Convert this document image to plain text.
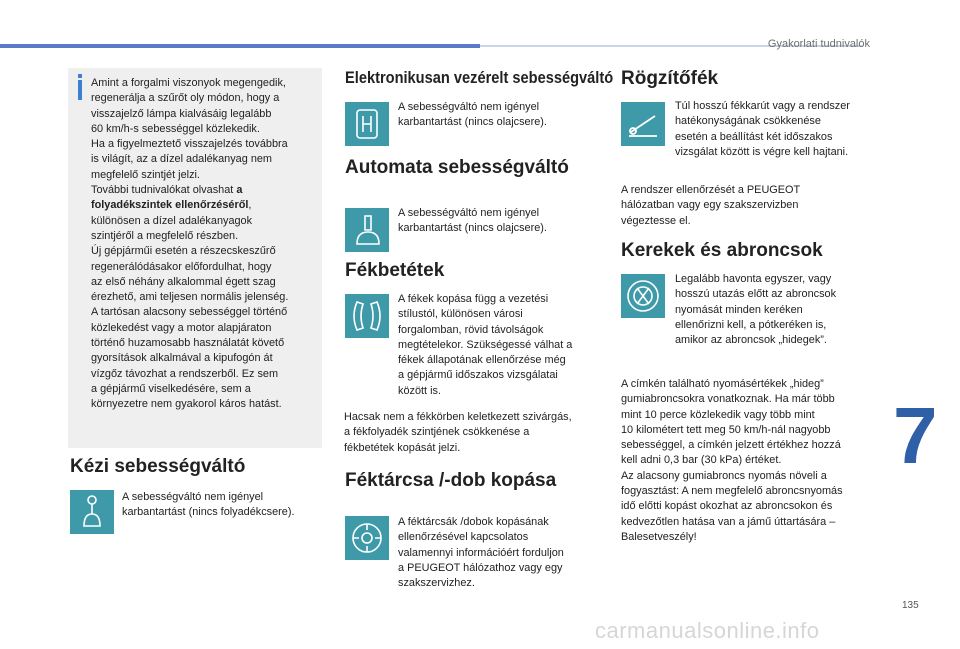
Gyakorlati tudnivalók
Amint a forgalmi viszonyok megengedik,
regenerálja a szűrőt oly módon, hogy a
visszajelző lámpa kialvásáig legalább
60 km/h-s sebességgel közlekedik.
Ha a figyelmeztető visszajelzés továbbra
is világít, az a dízel adalékanyag nem
megfelelő szintjét jelzi.
További tudnivalókat olvashat a
folyadékszintek ellenőrzéséről,
különösen a dízel adalékanyagok
szintjéről a megfelelő részben.
Új gépjárműi esetén a részecskeszűrő
regenerálódásakor előfordulhat, hogy
az első néhány alkalommal égett szag
érezhető, ami teljesen normális jelenség.
A tartósan alacsony sebességgel történő
közlekedést vagy a motor alapjáraton
történő huzamosabb használatát követő
gyorsítások alkalmával a kipufogón át
vízgőz távozhat a rendszerből. Ez sem
a gépjármű viselkedésére, sem a
környezetre nem gyakorol káros hatást.
Kézi sebességváltó
A sebességváltó nem igényel
karbantartást (nincs folyadékcsere).
Elektronikusan vezérelt sebességváltó
A sebességváltó nem igényel
karbantartást (nincs olajcsere).
Automata sebességváltó
A sebességváltó nem igényel
karbantartást (nincs olajcsere).
Fékbetétek
A fékek kopása függ a vezetési
stílustól, különösen városi
forgalomban, rövid távolságok
megtételekor. Szükségessé válhat a
fékek állapotának ellenőrzése még
a gépjármű időszakos vizsgálatai
között is.
Hacsak nem a fékkörben keletkezett szivárgás,
a fékfolyadék szintjének csökkenése a
fékbetétek kopását jelzi.
Féktárcsa /-dob kopása
A féktárcsák /dobok kopásának
ellenőrzésével kapcsolatos
valamennyi információért forduljon
a PEUGEOT hálózathoz vagy egy
szakszervizhez.
Rögzítőfék
Túl hosszú fékkarút vagy a rendszer
hatékonyságának csökkenése
esetén a beállítást két időszakos
vizsgálat között is végre kell hajtani.
A rendszer ellenőrzését a PEUGEOT
hálózatban vagy egy szakszervizben
végeztesse el.
Kerekek és abroncsok
Legalább havonta egyszer, vagy
hosszú utazás előtt az abroncsok
nyomását minden keréken
ellenőrizni kell, a pótkeréken is,
amikor az abroncsok „hidegek”.
A címkén található nyomásértékek „hideg”
gumiabroncsokra vonatkoznak. Ha már több
mint 10 perce közlekedik vagy több mint
10 kilométert tett meg 50 km/h-nál nagyobb
sebességgel, a címkén jelzett értékhez hozzá
kell adni 0,3 bar (30 kPa) értéket.
Az alacsony gumiabroncs nyomás növeli a
fogyasztást: A nem megfelelő abroncsnyomás
idő előtti kopást okozhat az abroncsokon és
kedvezőtlen hatása van a jámű úttartására –
Balesetveszély!
7
135
carmanualsonline.info
